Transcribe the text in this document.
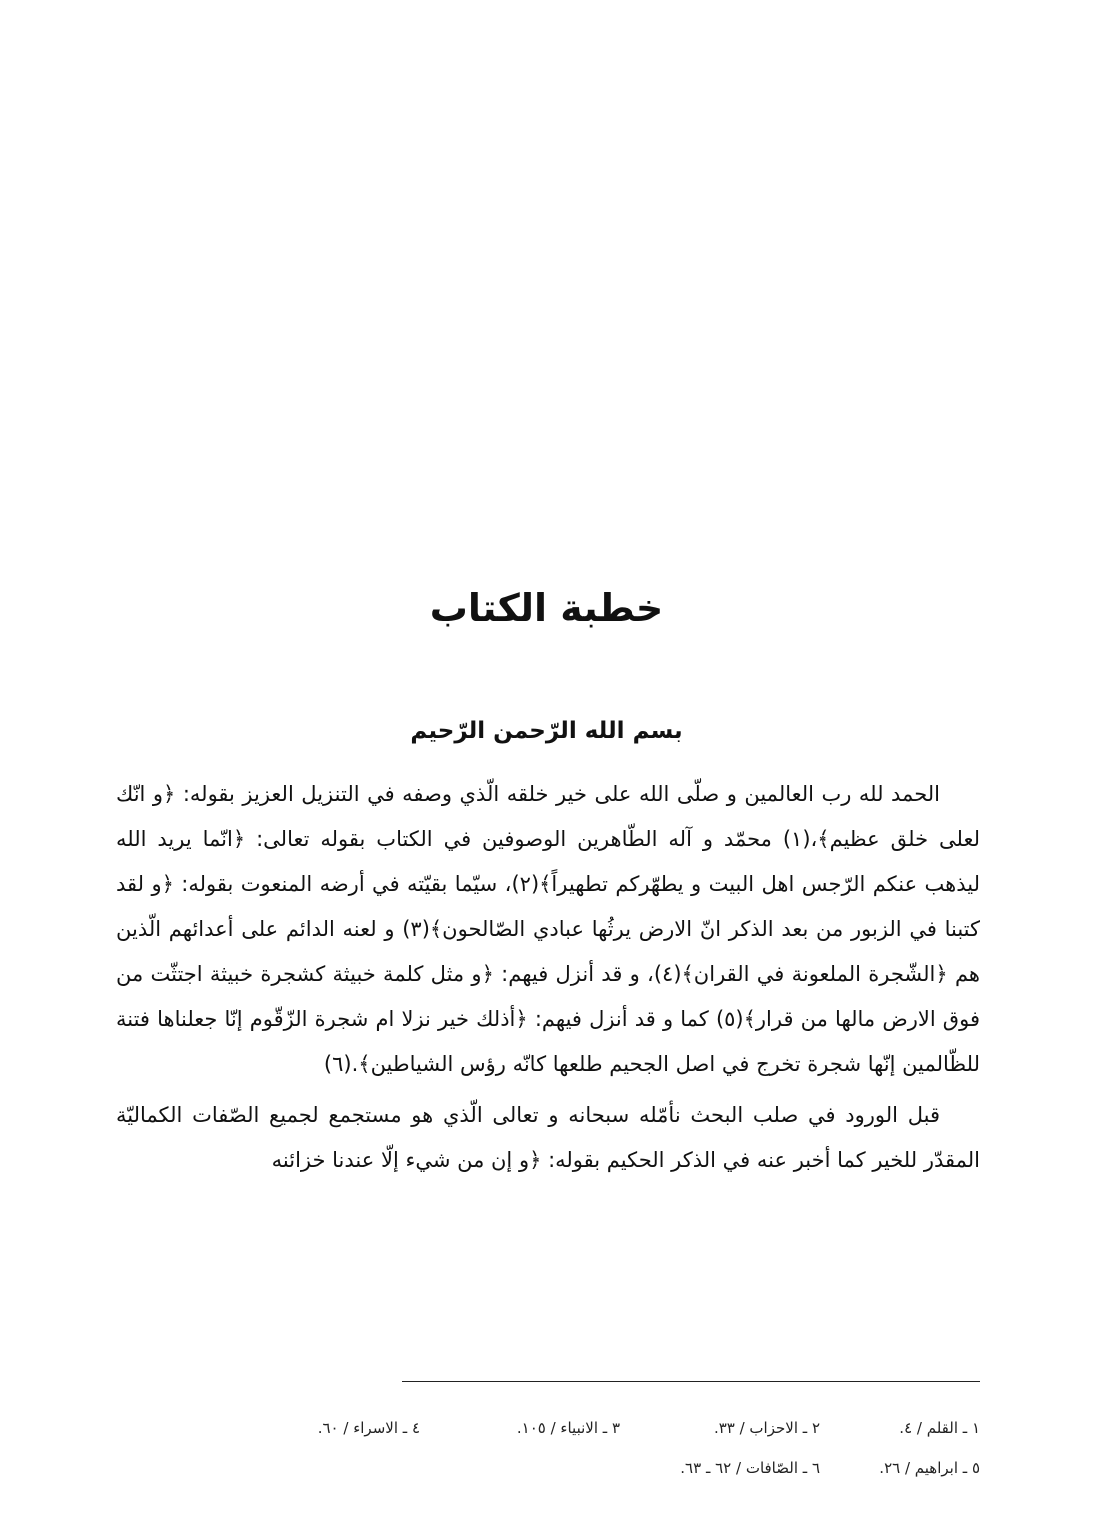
خطبة الكتاب
بسم الله الرّحمن الرّحيم

الحمد لله رب العالمين و صلّى الله على خير خلقه الّذي وصفه في التنزيل العزيز بقوله: ﴿و انّك لعلى خلق عظيم﴾،(١) محمّد و آله الطّاهرين الوصوفين في الكتاب بقوله تعالى: ﴿انّما يريد الله ليذهب عنكم الرّجس اهل البيت و يطهّركم تطهيراً﴾(٢)، سيّما بقيّته في أرضه المنعوت بقوله: ﴿و لقد كتبنا في الزبور من بعد الذكر انّ الارض يرثُها عبادي الصّالحون﴾(٣) و لعنه الدائم على أعدائهم الّذين هم ﴿الشّجرة الملعونة في القران﴾(٤)، و قد أنزل فيهم: ﴿و مثل كلمة خبيثة كشجرة خبيثة اجتثّت من فوق الارض مالها من قرار﴾(٥) كما و قد أنزل فيهم: ﴿أذلك خير نزلا ام شجرة الزّقّوم إنّا جعلناها فتنة للظّالمين إنّها شجرة تخرج في اصل الجحيم طلعها كانّه رؤس الشياطين﴾.(٦)

قبل الورود في صلب البحث نأمّله سبحانه و تعالى الّذي هو مستجمع لجميع الصّفات الكماليّة المقدّر للخير كما أخبر عنه في الذكر الحكيم بقوله: ﴿و إن من شيء إلّا عندنا خزائنه

١ ـ القلم / ٤.
٢ ـ الاحزاب / ٣٣.
٣ ـ الانبياء / ١٠٥.
٤ ـ الاسراء / ٦٠.
٥ ـ ابراهيم / ٢٦.
٦ ـ الصّافات / ٦٢ ـ ٦٣.
